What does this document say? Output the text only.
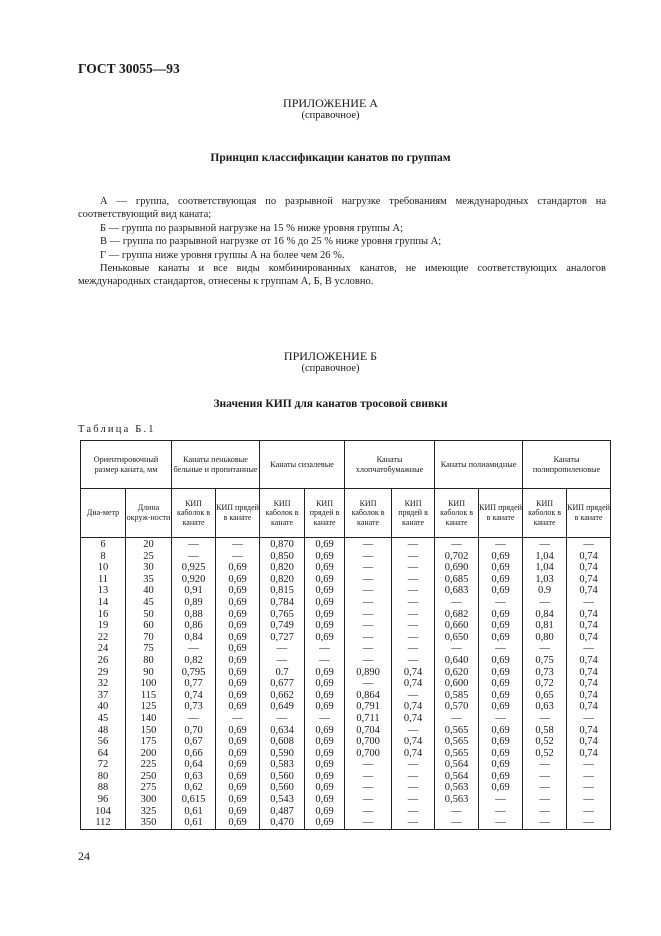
ГОСТ 30055—93
ПРИЛОЖЕНИЕ А
(справочное)
Принцип классификации канатов по группам

А — группа, соответствующая по разрывной нагрузке требованиям международных стандартов на соответствующий вид каната;

Б — группа по разрывной нагрузке на 15 % ниже уровня группы А;

В — группа по разрывной нагрузке от 16 % до 25 % ниже уровня группы А;

Г — группа ниже уровня группы А на более чем 26 %.

Пеньковые канаты и все виды комбинированных канатов, не имеющие соответствующих аналогов международных стандартов, отнесены к группам А, Б, В условно.

ПРИЛОЖЕНИЕ Б
(справочное)
Значения КИП для канатов тросовой свивки
Таблица Б.1
Ориентировочный размер каната, мм		Канаты пеньковые бельные и пропитанные		Канаты сизалевые		Канаты хлопчатобумажные		Канаты полиамидные		Канаты полипропиленовые	
Диа-метр	Длина окруж-ности	КИП каболок в канате	КИП прядей в канате	КИП каболок в канате	КИП прядей в канате	КИП каболок в канате	КИП прядей в канате	КИП каболок в канате	КИП прядей в канате	КИП каболок в канате	КИП прядей в канате
6	20	—	—	0,870	0,69	—	—	—	—	—	—
8	25	—	—	0,850	0,69	—	—	0,702	0,69	1,04	0,74
10	30	0,925	0,69	0,820	0,69	—	—	0,690	0,69	1,04	0,74
11	35	0,920	0,69	0,820	0,69	—	—	0,685	0,69	1,03	0,74
13	40	0,91	0,69	0,815	0,69	—	—	0,683	0,69	0.9	0,74
14	45	0,89	0,69	0,784	0,69	—	—	—	—	—	—
16	50	0,88	0,69	0,765	0,69	—	—	0,682	0,69	0,84	0,74
19	60	0,86	0,69	0,749	0,69	—	—	0,660	0,69	0,81	0,74
22	70	0,84	0,69	0,727	0,69	—	—	0,650	0,69	0,80	0,74
24	75	—	0,69	—	—	—	—	—	—	—	—
26	80	0,82	0,69	—	—	—	—	0,640	0,69	0,75	0,74
29	90	0,795	0,69	0.7	0,69	0,890	0,74	0,620	0,69	0,73	0,74
32	100	0,77	0,69	0,677	0,69	—	0,74	0,600	0,69	0,72	0,74
37	115	0,74	0,69	0,662	0,69	0,864	—	0,585	0,69	0,65	0,74
40	125	0,73	0,69	0,649	0,69	0,791	0,74	0,570	0,69	0,63	0,74
45	140	—	—	—	—	0,711	0,74	—	—	—	—
48	150	0,70	0,69	0,634	0,69	0,704	—	0,565	0,69	0,58	0,74
56	175	0,67	0,69	0,608	0,69	0,700	0,74	0,565	0,69	0,52	0,74
64	200	0,66	0,69	0,590	0,69	0,700	0,74	0,565	0,69	0,52	0,74
72	225	0,64	0,69	0,583	0,69	—	—	0,564	0,69	—	—
80	250	0,63	0,69	0,560	0,69	—	—	0,564	0,69	—	—
88	275	0,62	0,69	0,560	0,69	—	—	0,563	0,69	—	—
96	300	0,615	0,69	0,543	0,69	—	—	0,563	—	—	—
104	325	0,61	0,69	0,487	0,69	—	—	—	—	—	—
112	350	0,61	0,69	0,470	0,69	—	—	—	—	—	—
24
